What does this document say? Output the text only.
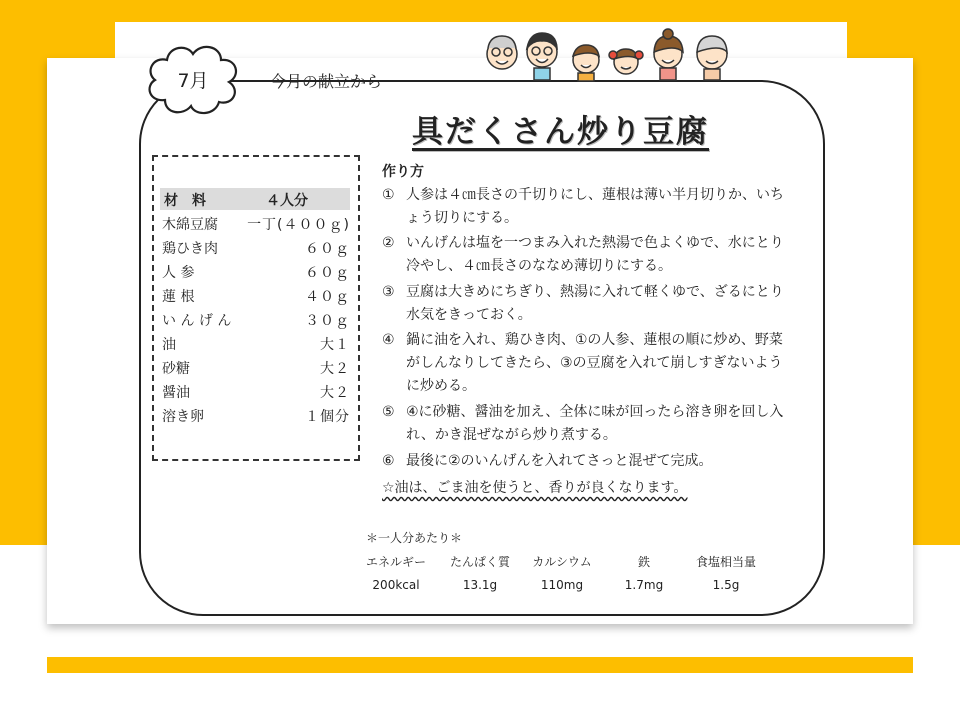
7月	今月の献立から
具だくさん炒り豆腐
材　料	４人分
木綿豆腐 一丁(４００ｇ)
鶏ひき肉	６０ｇ
人 参	６０ｇ
蓮 根	４０ｇ
い ん げ ん	３０ｇ
油	大１
砂糖	大２
醤油	大２
溶き卵	１個分
作り方
① 人参は４㎝長さの千切りにし、蓮根は薄い半月切りか、いちょう切りにする。
② いんげんは塩を一つまみ入れた熱湯で色よくゆで、水にとり冷やし、４㎝長さのななめ薄切りにする。
③ 豆腐は大きめにちぎり、熱湯に入れて軽くゆで、ざるにとり水気をきっておく。
④ 鍋に油を入れ、鶏ひき肉、①の人参、蓮根の順に炒め、野菜がしんなりしてきたら、③の豆腐を入れて崩しすぎないように炒める。
⑤ ④に砂糖、醤油を加え、全体に味が回ったら溶き卵を回し入れ、かき混ぜながら炒り煮する。
⑥ 最後に②のいんげんを入れてさっと混ぜて完成。
☆油は、ごま油を使うと、香りが良くなります。
＊一人分あたり＊
エネルギー	たんぱく質	カルシウム	鉄	食塩相当量
200kcal	13.1g	110mg	1.7mg	1.5g
